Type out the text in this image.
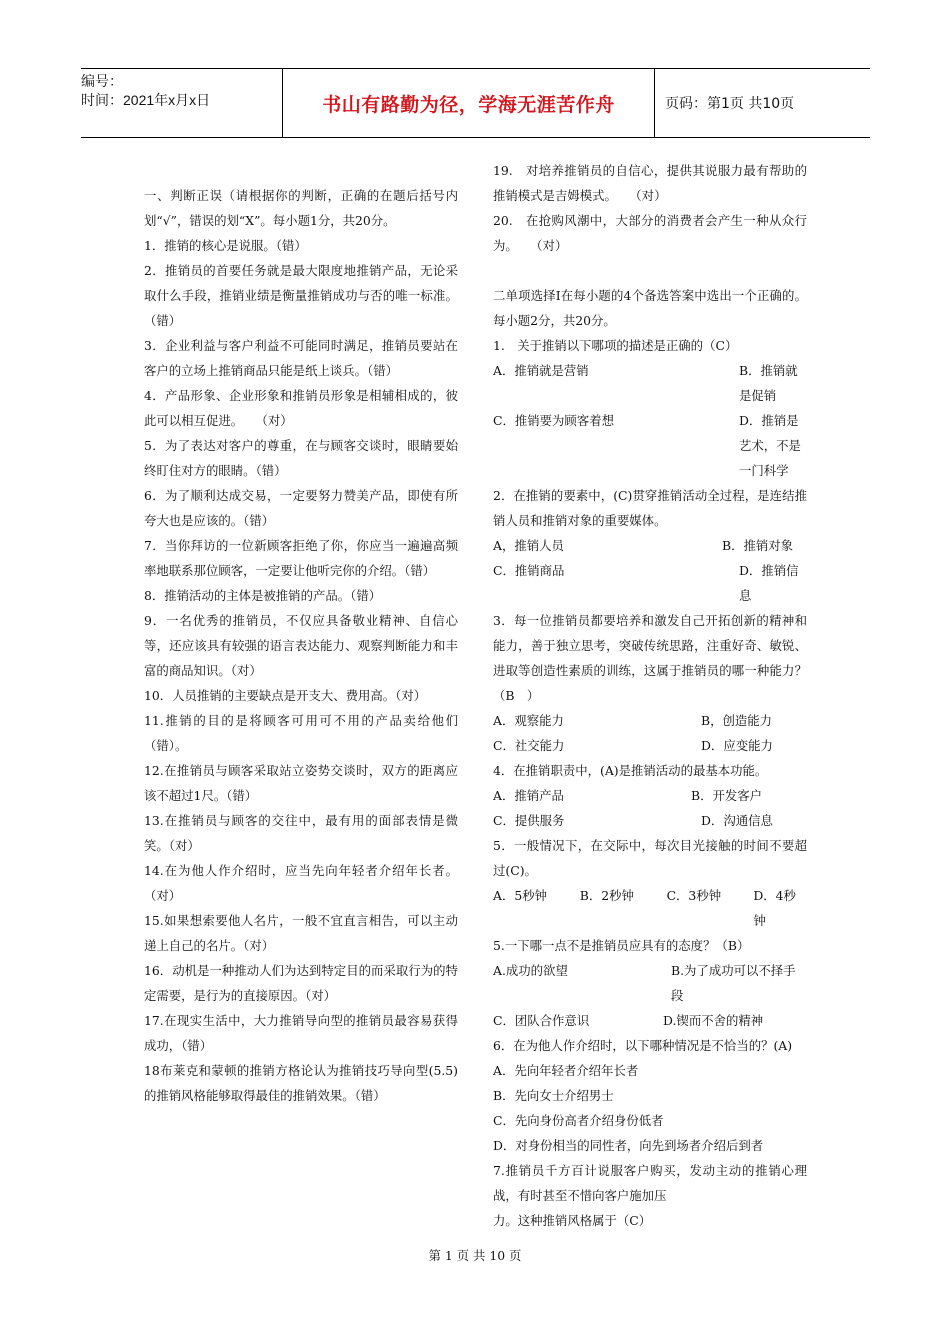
编号：
时间：2021年x月x日	书山有路勤为径，学海无涯苦作舟	页码：第1页 共10页

一、判断正误（请根据你的判断，正确的在题后括号内划“√”，错误的划“X”。每小题1分，共20分。

1．推销的核心是说服。（错）

2．推销员的首要任务就是最大限度地推销产品，无论采取什么手段，推销业绩是衡量推销成功与否的唯一标准。（错）

3．企业利益与客户利益不可能同时满足，推销员要站在客户的立场上推销商品只能是纸上谈兵。（错）

4．产品形象、企业形象和推销员形象是相辅相成的，彼此可以相互促进。　　（对）

5．为了表达对客户的尊重，在与顾客交谈时，眼睛要始终盯住对方的眼睛。（错）

6．为了顺利达成交易，一定要努力赞美产品，即使有所夸大也是应该的。（错）

7．当你拜访的一位新顾客拒绝了你，你应当一遍遍高频率地联系那位顾客，一定要让他听完你的介绍。（错）

8．推销活动的主体是被推销的产品。（错）

9．一名优秀的推销员，不仅应具备敬业精神、自信心等，还应该具有较强的语言表达能力、观察判断能力和丰富的商品知识。（对）

10．人员推销的主要缺点是开支大、费用高。（对）

11.推销的目的是将顾客可用可不用的产品卖给他们（错）。

12.在推销员与顾客采取站立姿势交谈时，双方的距离应该不超过1尺。（错）

13.在推销员与顾客的交往中，最有用的面部表情是微笑。（对）

14.在为他人作介绍时，应当先向年轻者介绍年长者。（对）

15.如果想索要他人名片，一般不宜直言相告，可以主动递上自己的名片。（对）

16．动机是一种推动人们为达到特定目的而采取行为的特定需要，是行为的直接原因。（对）

17.在现实生活中，大力推销导向型的推销员最容易获得成功，（错）

18布莱克和蒙顿的推销方格论认为推销技巧导向型(5.5)的推销风格能够取得最佳的推销效果。（错）

19.　对培养推销员的自信心，提供其说服力最有帮助的推销模式是吉姆模式。　　（对）

20.　在抢购风潮中，大部分的消费者会产生一种从众行为。　　（对）

二单项选择I在每小题的4个备选答案中选出一个正确的。每小题2分，共20分。

1.　关于推销以下哪项的描述是正确的（C）

A．推销就是营销	B．推销就是促销
C．推销要为顾客着想	D．推销是艺术，不是一门科学

2．在推销的要素中，(C)贯穿推销活动全过程，是连结推销人员和推销对象的重要媒体。

A，推销人员	B．推销对象
C．推销商品	D．推销信息

3．每一位推销员都要培养和激发自己开拓创新的精神和能力，善于独立思考，突破传统思路，注重好奇、敏锐、进取等创造性素质的训练，这属于推销员的哪一种能力？（B　）

A．观察能力	B，创造能力
C．社交能力	D．应变能力

4．在推销职责中，(A)是推销活动的最基本功能。

A．推销产品	B．开发客户
C．提供服务	D．沟通信息

5．一般情况下，在交际中，每次目光接触的时间不要超过(C)。

A．5秒钟	B．2秒钟	C．3秒钟	D．4秒钟

5.一下哪一点不是推销员应具有的态度？（B）

A.成功的欲望	B.为了成功可以不择手段
C．团队合作意识	D.锲而不舍的精神

6．在为他人作介绍时，以下哪种情况是不恰当的？(A)

A．先向年轻者介绍年长者

B．先向女士介绍男士

C．先向身份高者介绍身份低者

D．对身份相当的同性者，向先到场者介绍后到者

7.推销员千方百计说服客户购买，发动主动的推销心理战，有时甚至不惜向客户施加压

力。这种推销风格属于（C）

第 1 页 共 10 页
